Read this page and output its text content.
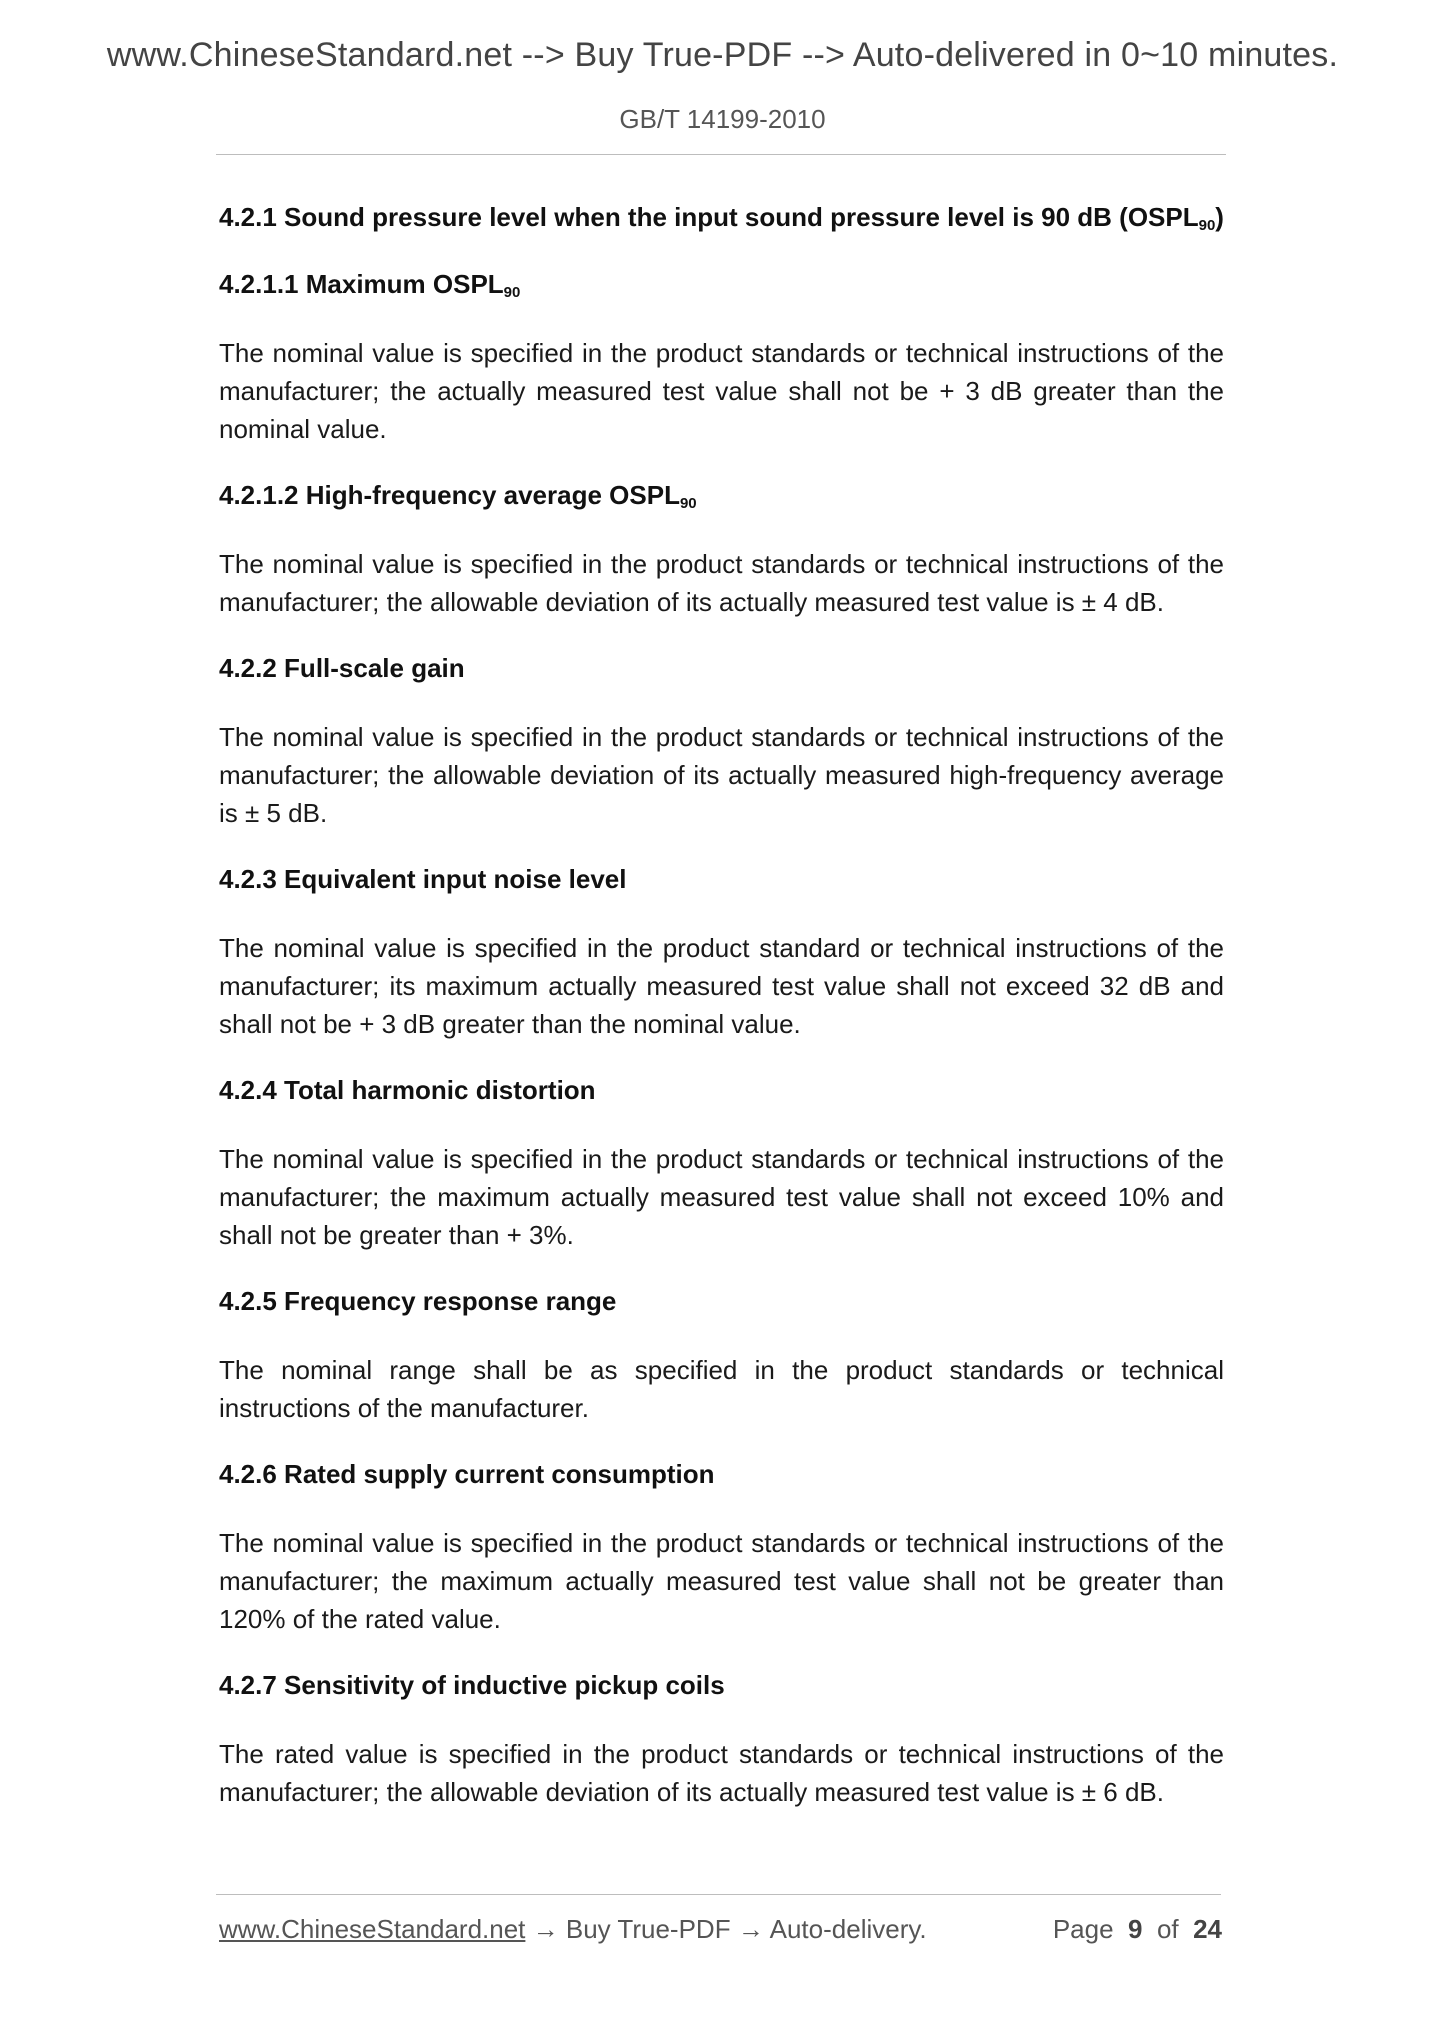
www.ChineseStandard.net --> Buy True-PDF --> Auto-delivered in 0~10 minutes.
GB/T 14199-2010

4.2.1 Sound pressure level when the input sound pressure level is 90 dB $(OSPL_{90})$

4.2.1.1 Maximum $OSPL_{90}$

The nominal value is specified in the product standards or technical instructions of the manufacturer; the actually measured test value shall not be + 3 dB greater than the nominal value.

4.2.1.2 High-frequency average $OSPL_{90}$

The nominal value is specified in the product standards or technical instructions of the manufacturer; the allowable deviation of its actually measured test value is ± 4 dB.

4.2.2 Full-scale gain

The nominal value is specified in the product standards or technical instructions of the manufacturer; the allowable deviation of its actually measured high-frequency average is ± 5 dB.

4.2.3 Equivalent input noise level

The nominal value is specified in the product standard or technical instructions of the manufacturer; its maximum actually measured test value shall not exceed 32 dB and shall not be + 3 dB greater than the nominal value.

4.2.4 Total harmonic distortion

The nominal value is specified in the product standards or technical instructions of the manufacturer; the maximum actually measured test value shall not exceed 10% and shall not be greater than + 3%.

4.2.5 Frequency response range

The nominal range shall be as specified in the product standards or technical instructions of the manufacturer.

4.2.6 Rated supply current consumption

The nominal value is specified in the product standards or technical instructions of the manufacturer; the maximum actually measured test value shall not be greater than 120% of the rated value.

4.2.7 Sensitivity of inductive pickup coils

The rated value is specified in the product standards or technical instructions of the manufacturer; the allowable deviation of its actually measured test value is ± 6 dB.

www.ChineseStandard.net → Buy True-PDF → Auto-delivery.	Page 9 of 24
